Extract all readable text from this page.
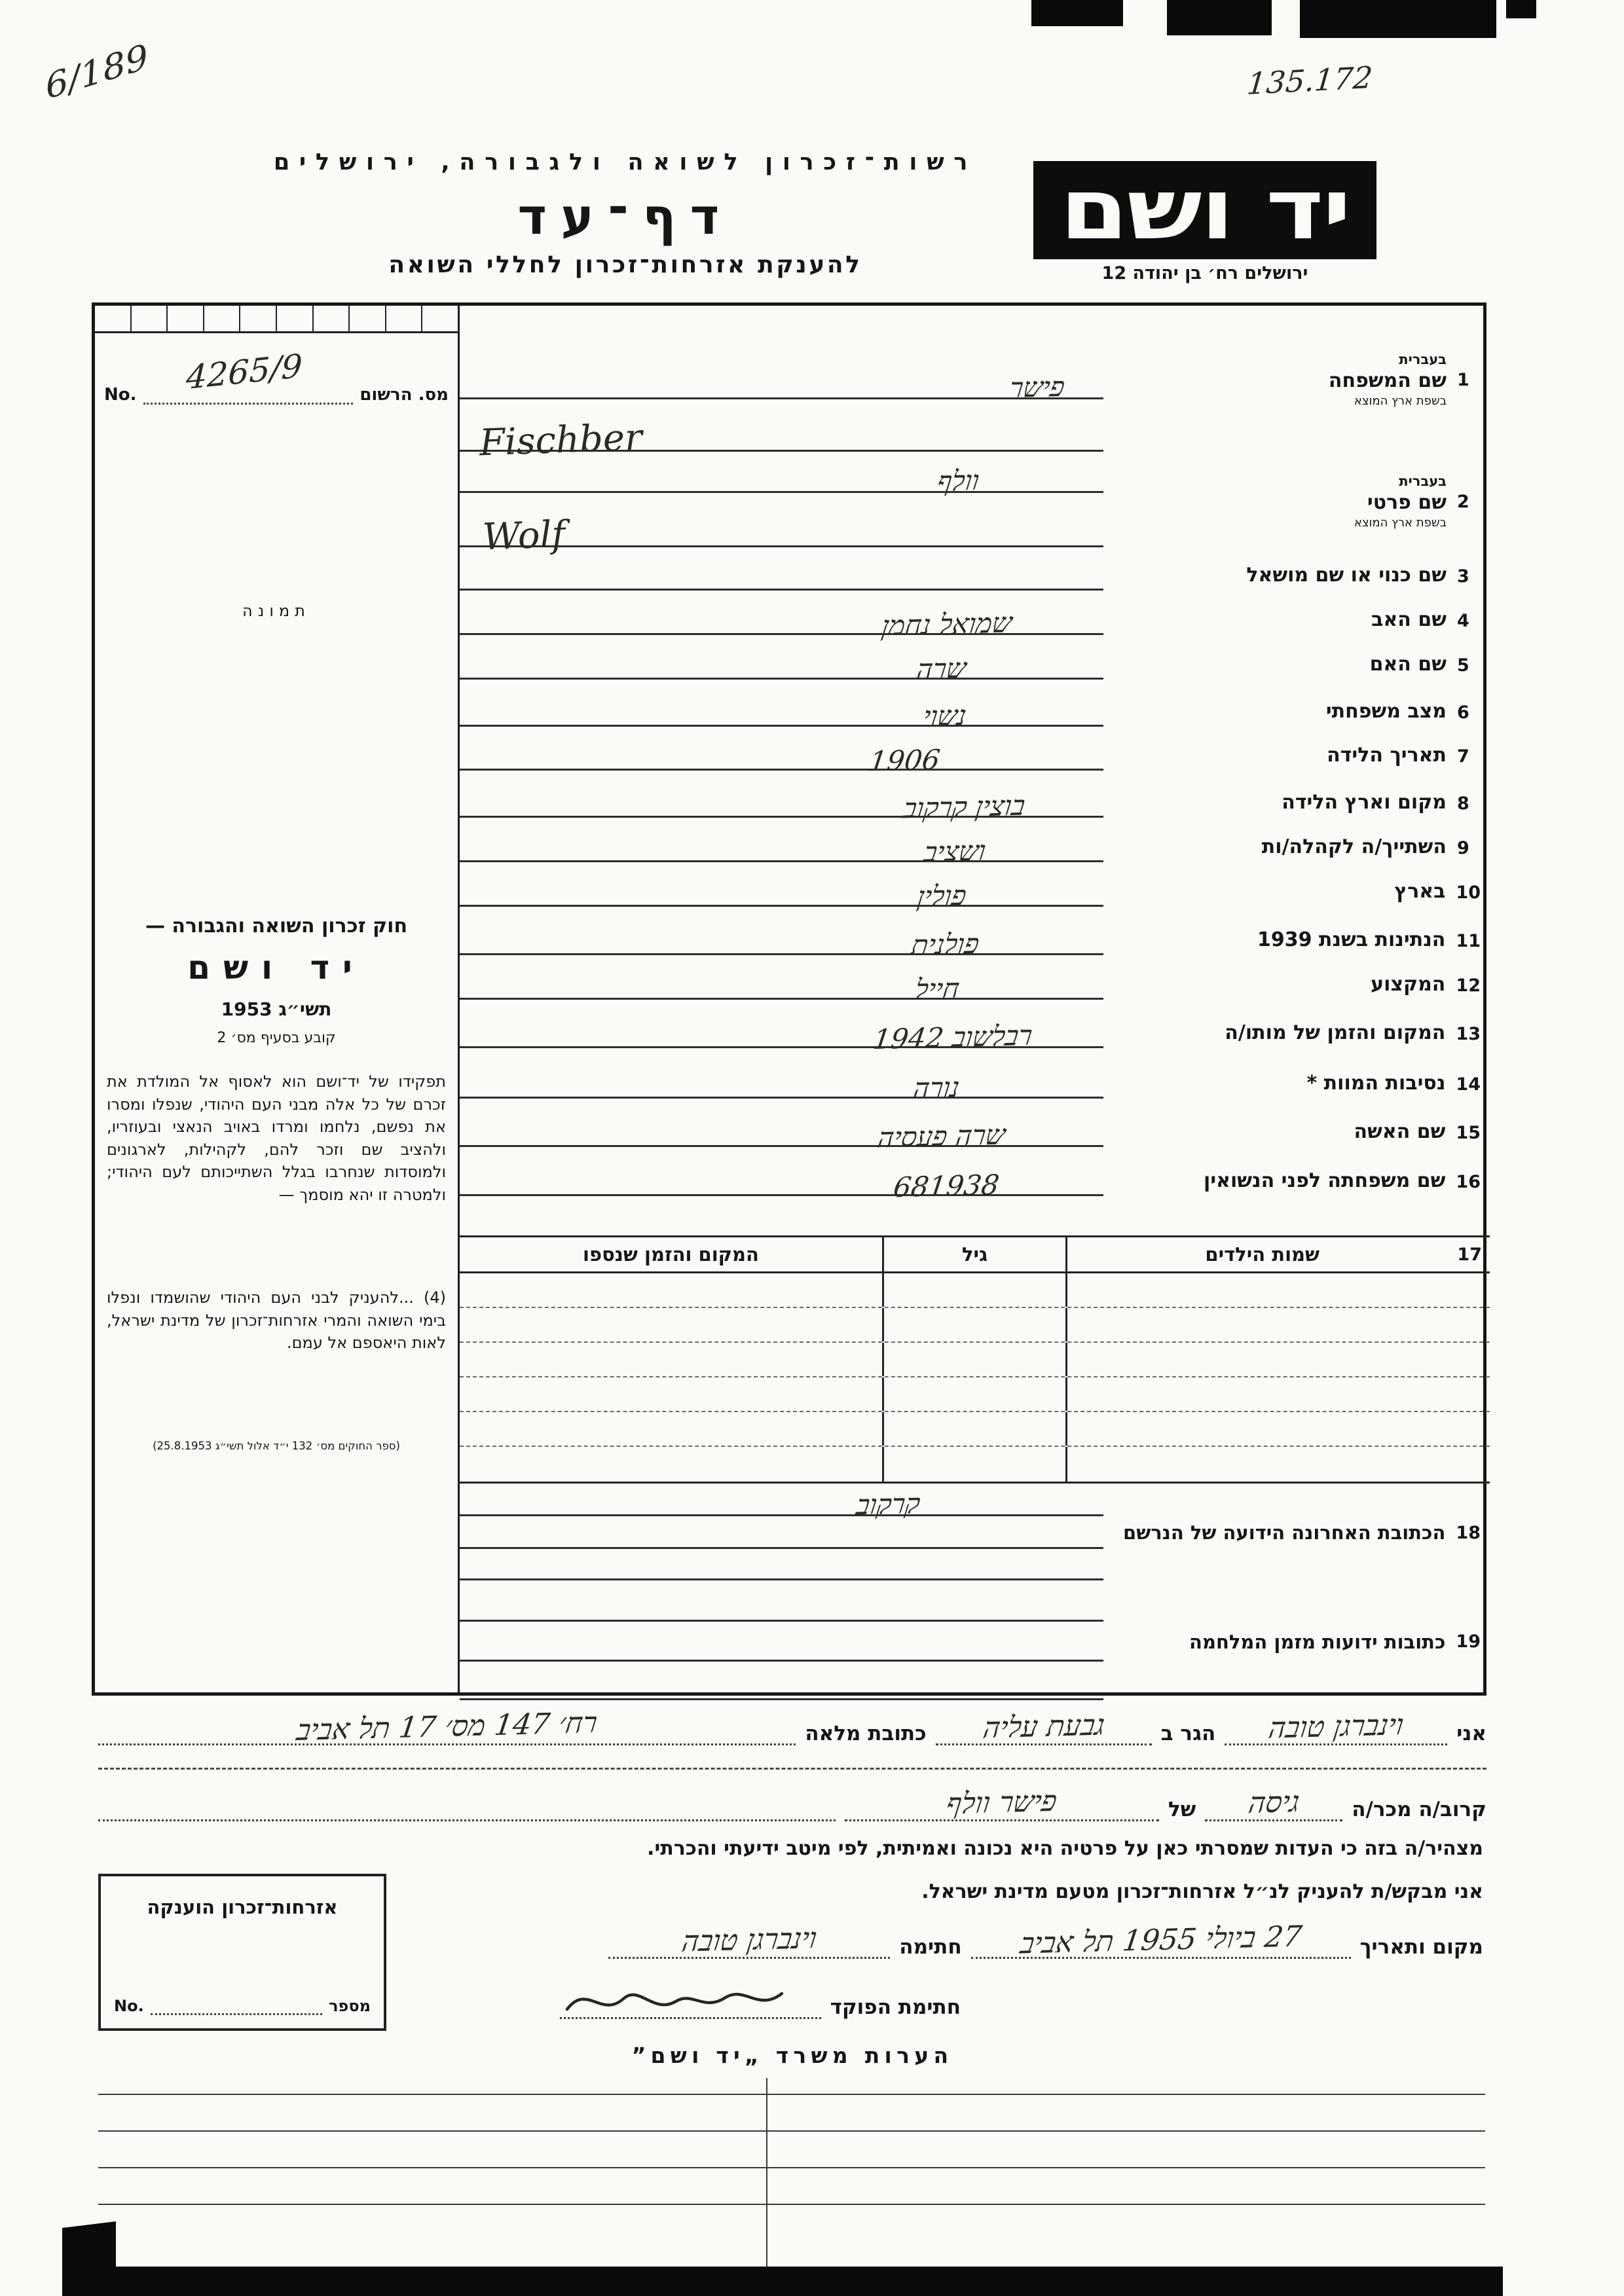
6/189	135.172
רשות־זכרון לשואה ולגבורה, ירושלים
דף־עד
להענקת אזרחות־זכרון לחללי השואה
יד ושם
ירושלים רח׳ בן יהודה 12
4265/9	מס. הרשום
No.
תמונה
חוק זכרון השואה והגבורה —
יד ושם
תשי״ג 1953
קובע בסעיף מס׳ 2
תפקידו של יד־ושם הוא לאסוף אל המולדת את זכרם של כל אלה מבני העם היהודי, שנפלו ומסרו את נפשם, נלחמו ומרדו באויב הנאצי ובעוזריו, ולהציב שם וזכר להם, לקהילות, לארגונים ולמוסדות שנחרבו בגלל השתייכותם לעם היהודי; ולמטרה זו יהא מוסמך —
(4) ...להעניק לבני העם היהודי שהושמדו ונפלו בימי השואה והמרי אזרחות־זכרון של מדינת ישראל, לאות היאספם אל עמם.
(ספר החוקים מס׳ 132 י״ד אלול תשי״ג 25.8.1953)
1
בעברית
שם המשפחה
בשפת ארץ המוצא
פישר
Fischber
2
בעברית
שם פרטי
בשפת ארץ המוצא
וולף
Wolf
3
שם כנוי או שם מושאל
4
שם האב
שמואל נחמן
5
שם האם
שרה
6
מצב משפחתי
נשוי
7
תאריך הלידה
1906
8
מקום וארץ הלידה
בוצין קרקוב
9
השתייך/ה לקהלה/ות
ושציב
10
בארץ
פולין
11
הנתינות בשנת 1939
פולנית
12
המקצוע
חייל
13
המקום והזמן של מותו/ה
רבלשוב 1942
14
נסיבות המוות *
נורה
15
שם האשה
שרה פעסיה
16
שם משפחתה לפני הנשואין
681938
17
שמות הילדים
גיל
המקום והזמן שנספו
18
הכתובת האחרונה הידועה של הנרשם
קרקוב
19
כתובות ידועות מזמן המלחמה
אני
וינברגן טובה
הגר ב
גבעת עליה
כתובת מלאה
רח׳ 147 מס׳ 17 תל אביב
קרוב/ה מכר/ה
גיסה
של
פישר וולף
מצהיר/ה בזה כי העדות שמסרתי כאן על פרטיה היא נכונה ואמיתית, לפי מיטב ידיעתי והכרתי.
אני מבקש/ת להעניק לנ״ל אזרחות־זכרון מטעם מדינת ישראל.
מקום ותאריך
27 ביולי 1955 תל אביב
חתימה
וינברגן טובה
חתימת הפוקד
אזרחות־זכרון הוענקה
מספר
No.
הערות משרד „יד ושם”
